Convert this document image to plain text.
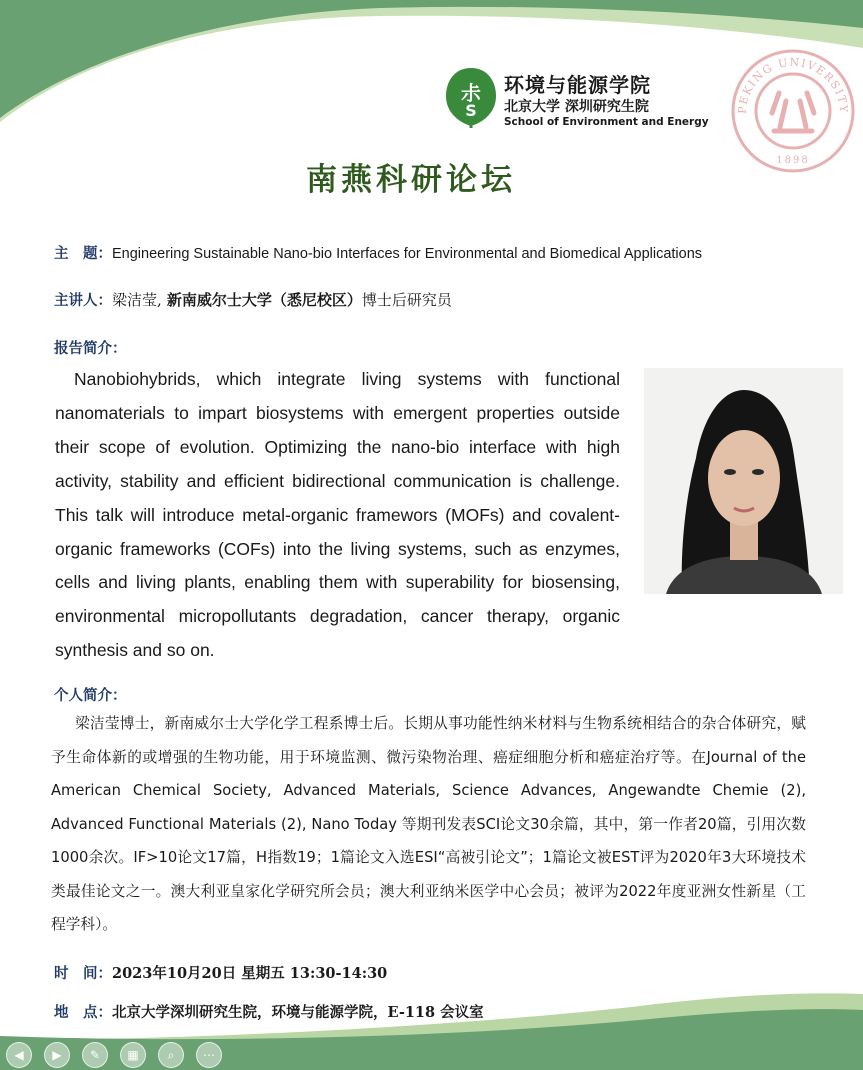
尗
S
环境与能源学院
北京大学 深圳研究生院
School of Environment and Energy
PEKING UNIVERSITY
1898
南燕科研论坛
主　题：Engineering Sustainable Nano-bio Interfaces for Environmental and Biomedical Applications
主讲人：梁洁莹, 新南威尔士大学（悉尼校区）博士后研究员
报告简介：

Nanobiohybrids, which integrate living systems with functional nanomaterials to impart biosystems with emergent properties outside their scope of evolution. Optimizing the nano-bio interface with high activity, stability and efficient bidirectional communication is challenge. This talk will introduce metal-organic framewors (MOFs) and covalent-organic frameworks (COFs) into the living systems, such as enzymes, cells and living plants, enabling them with superability for biosensing, environmental micropollutants degradation, cancer therapy, organic synthesis and so on.

个人简介：

梁洁莹博士，新南威尔士大学化学工程系博士后。长期从事功能性纳米材料与生物系统相结合的杂合体研究，赋予生命体新的或增强的生物功能，用于环境监测、微污染物治理、癌症细胞分析和癌症治疗等。在Journal of the American Chemical Society, Advanced Materials, Science Advances, Angewandte Chemie (2), Advanced Functional Materials (2), Nano Today 等期刊发表SCI论文30余篇，其中，第一作者20篇，引用次数1000余次。IF>10论文17篇，H指数19；1篇论文入选ESI“高被引论文”；1篇论文被EST评为2020年3大环境技术类最佳论文之一。澳大利亚皇家化学研究所会员；澳大利亚纳米医学中心会员；被评为2022年度亚洲女性新星（工程学科）。

时　间：2023年10月20日 星期五 13:30-14:30
地　点：北京大学深圳研究生院，环境与能源学院，E-118 会议室
◀	▶	✎	▦	⌕	⋯
